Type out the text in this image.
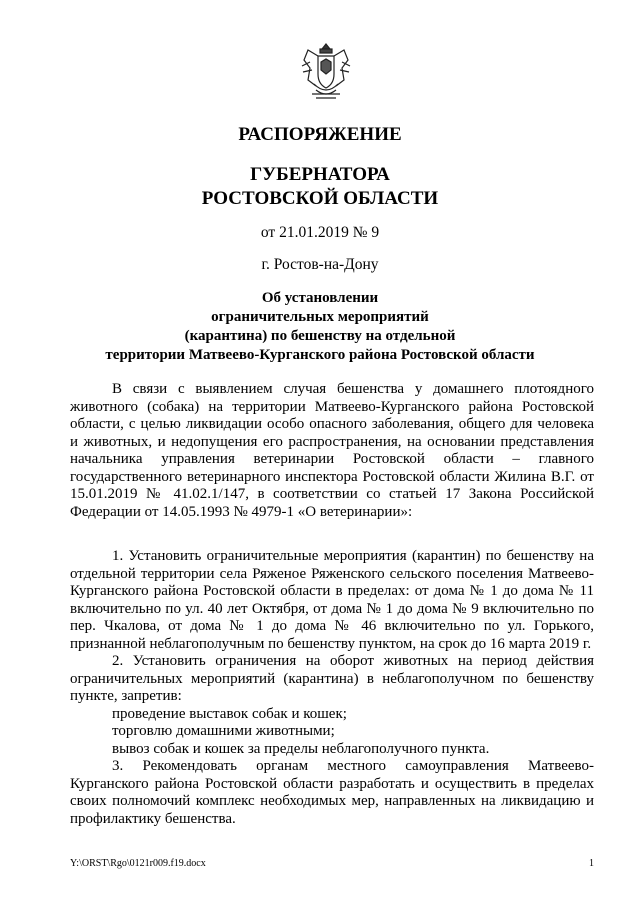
РАСПОРЯЖЕНИЕ
ГУБЕРНАТОРА
РОСТОВСКОЙ ОБЛАСТИ
от 21.01.2019 № 9
г. Ростов-на-Дону
Об установлении
ограничительных мероприятий
(карантина) по бешенству на отдельной
территории Матвеево-Курганского района Ростовской области

В связи с выявлением случая бешенства у домашнего плотоядного животного (собака) на территории Матвеево-Курганского района Ростовской области, с целью ликвидации особо опасного заболевания, общего для человека и животных, и недопущения его распространения, на основании представления начальника управления ветеринарии Ростовской области – главного государственного ветеринарного инспектора Ростовской области Жилина В.Г. от 15.01.2019 № 41.02.1/147, в соответствии со статьей 17 Закона Российской Федерации от 14.05.1993 № 4979-1 «О ветеринарии»:

1. Установить ограничительные мероприятия (карантин) по бешенству на отдельной территории села Ряженое Ряженского сельского поселения Матвеево-Курганского района Ростовской области в пределах: от дома № 1 до дома № 11 включительно по ул. 40 лет Октября, от дома № 1 до дома № 9 включительно по пер. Чкалова, от дома № 1 до дома № 46 включительно по ул. Горького, признанной неблагополучным по бешенству пунктом, на срок до 16 марта 2019 г.

2. Установить ограничения на оборот животных на период действия ограничительных мероприятий (карантина) в неблагополучном по бешенству пункте, запретив:

проведение выставок собак и кошек;

торговлю домашними животными;

вывоз собак и кошек за пределы неблагополучного пункта.

3. Рекомендовать органам местного самоуправления Матвеево-Курганского района Ростовской области разработать и осуществить в пределах своих полномочий комплекс необходимых мер, направленных на ликвидацию и профилактику бешенства.

Y:\ORST\Rgo\0121r009.f19.docx	1
